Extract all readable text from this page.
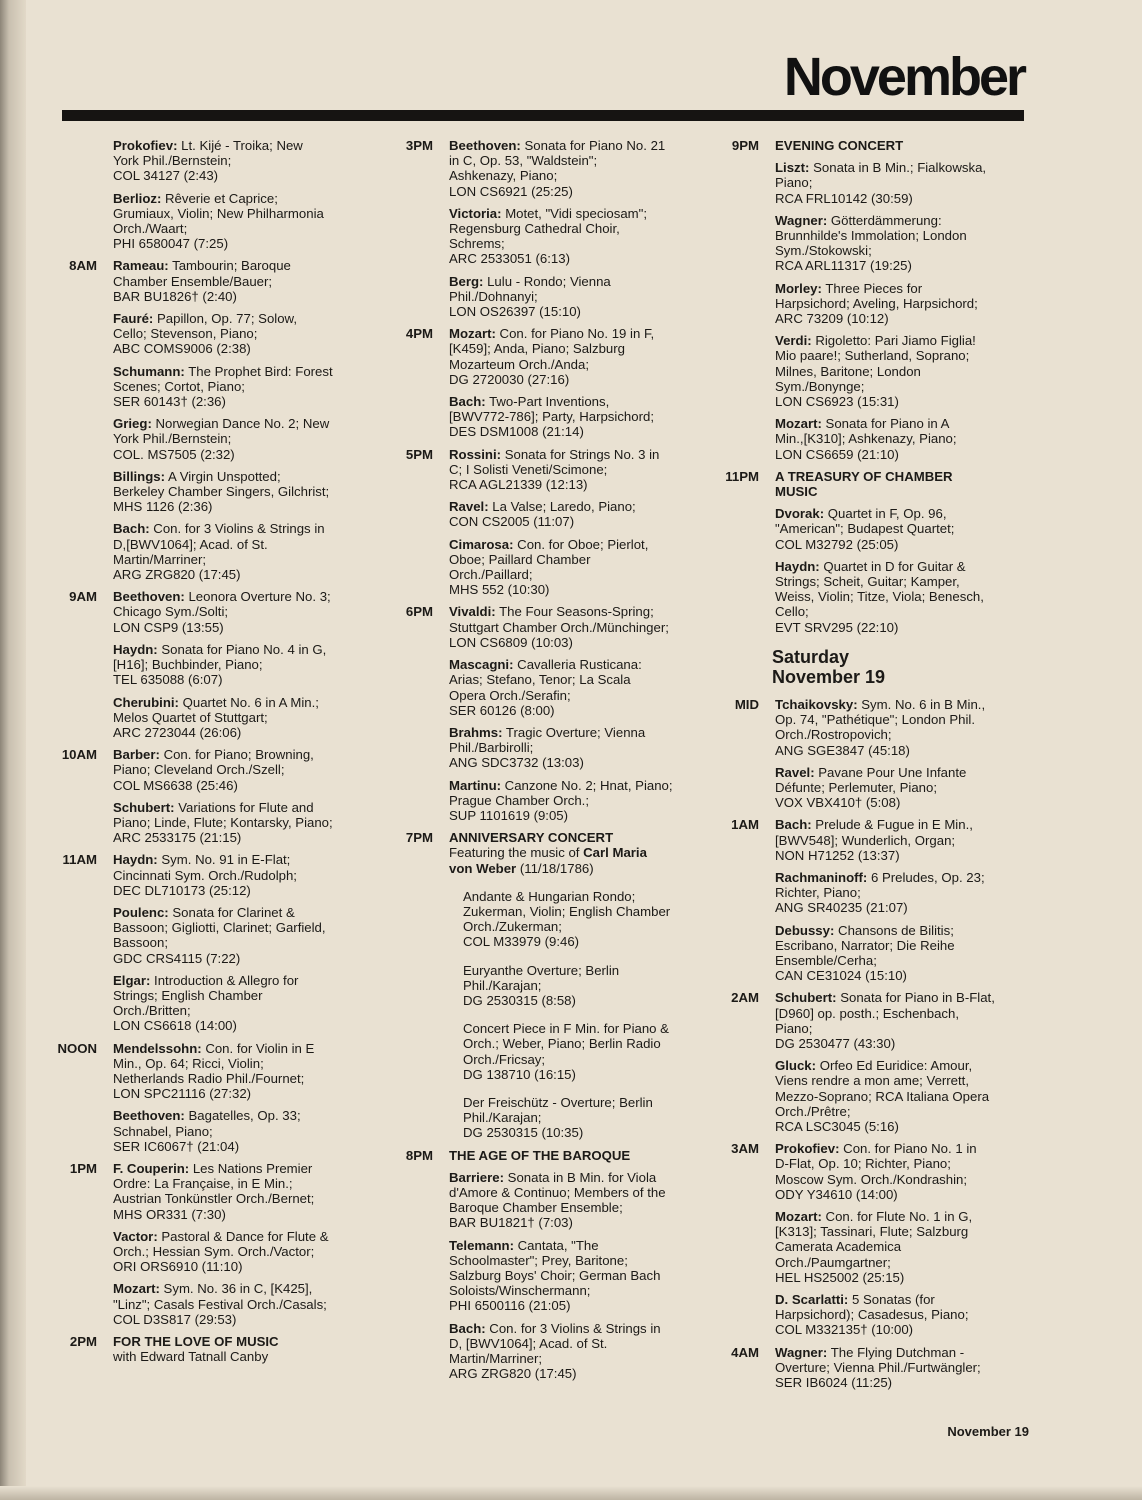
November
Prokofiev: Lt. Kijé - Troika; New
York Phil./Bernstein;
COL 34127 (2:43)
Berlioz: Rêverie et Caprice;
Grumiaux, Violin; New Philharmonia
Orch./Waart;
PHI 6580047 (7:25)
8AM	Rameau: Tambourin; Baroque
Chamber Ensemble/Bauer;
BAR BU1826† (2:40)
Fauré: Papillon, Op. 77; Solow,
Cello; Stevenson, Piano;
ABC COMS9006 (2:38)
Schumann: The Prophet Bird: Forest
Scenes; Cortot, Piano;
SER 60143† (2:36)
Grieg: Norwegian Dance No. 2; New
York Phil./Bernstein;
COL. MS7505 (2:32)
Billings: A Virgin Unspotted;
Berkeley Chamber Singers, Gilchrist;
MHS 1126 (2:36)
Bach: Con. for 3 Violins & Strings in
D,[BWV1064]; Acad. of St.
Martin/Marriner;
ARG ZRG820 (17:45)
9AM	Beethoven: Leonora Overture No. 3;
Chicago Sym./Solti;
LON CSP9 (13:55)
Haydn: Sonata for Piano No. 4 in G,
[H16]; Buchbinder, Piano;
TEL 635088 (6:07)
Cherubini: Quartet No. 6 in A Min.;
Melos Quartet of Stuttgart;
ARC 2723044 (26:06)
10AM	Barber: Con. for Piano; Browning,
Piano; Cleveland Orch./Szell;
COL MS6638 (25:46)
Schubert: Variations for Flute and
Piano; Linde, Flute; Kontarsky, Piano;
ARC 2533175 (21:15)
11AM	Haydn: Sym. No. 91 in E-Flat;
Cincinnati Sym. Orch./Rudolph;
DEC DL710173 (25:12)
Poulenc: Sonata for Clarinet &
Bassoon; Gigliotti, Clarinet; Garfield,
Bassoon;
GDC CRS4115 (7:22)
Elgar: Introduction & Allegro for
Strings; English Chamber
Orch./Britten;
LON CS6618 (14:00)
NOON	Mendelssohn: Con. for Violin in E
Min., Op. 64; Ricci, Violin;
Netherlands Radio Phil./Fournet;
LON SPC21116 (27:32)
Beethoven: Bagatelles, Op. 33;
Schnabel, Piano;
SER IC6067† (21:04)
1PM	F. Couperin: Les Nations Premier
Ordre: La Française, in E Min.;
Austrian Tonkünstler Orch./Bernet;
MHS OR331 (7:30)
Vactor: Pastoral & Dance for Flute &
Orch.; Hessian Sym. Orch./Vactor;
ORI ORS6910 (11:10)
Mozart: Sym. No. 36 in C, [K425],
"Linz"; Casals Festival Orch./Casals;
COL D3S817 (29:53)
2PM	FOR THE LOVE OF MUSIC
with Edward Tatnall Canby
3PM	Beethoven: Sonata for Piano No. 21
in C, Op. 53, "Waldstein";
Ashkenazy, Piano;
LON CS6921 (25:25)
Victoria: Motet, "Vidi speciosam";
Regensburg Cathedral Choir,
Schrems;
ARC 2533051 (6:13)
Berg: Lulu - Rondo; Vienna
Phil./Dohnanyi;
LON OS26397 (15:10)
4PM	Mozart: Con. for Piano No. 19 in F,
[K459]; Anda, Piano; Salzburg
Mozarteum Orch./Anda;
DG 2720030 (27:16)
Bach: Two-Part Inventions,
[BWV772-786]; Party, Harpsichord;
DES DSM1008 (21:14)
5PM	Rossini: Sonata for Strings No. 3 in
C; I Solisti Veneti/Scimone;
RCA AGL21339 (12:13)
Ravel: La Valse; Laredo, Piano;
CON CS2005 (11:07)
Cimarosa: Con. for Oboe; Pierlot,
Oboe; Paillard Chamber
Orch./Paillard;
MHS 552 (10:30)
6PM	Vivaldi: The Four Seasons-Spring;
Stuttgart Chamber Orch./Münchinger;
LON CS6809 (10:03)
Mascagni: Cavalleria Rusticana:
Arias; Stefano, Tenor; La Scala
Opera Orch./Serafin;
SER 60126 (8:00)
Brahms: Tragic Overture; Vienna
Phil./Barbirolli;
ANG SDC3732 (13:03)
Martinu: Canzone No. 2; Hnat, Piano;
Prague Chamber Orch.;
SUP 1101619 (9:05)
7PM	ANNIVERSARY CONCERT
Featuring the music of Carl Maria
von Weber (11/18/1786)
Andante & Hungarian Rondo;
Zukerman, Violin; English Chamber
Orch./Zukerman;
COL M33979 (9:46)
Euryanthe Overture; Berlin
Phil./Karajan;
DG 2530315 (8:58)
Concert Piece in F Min. for Piano &
Orch.; Weber, Piano; Berlin Radio
Orch./Fricsay;
DG 138710 (16:15)
Der Freischütz - Overture; Berlin
Phil./Karajan;
DG 2530315 (10:35)
8PM	THE AGE OF THE BAROQUE
Barriere: Sonata in B Min. for Viola
d'Amore & Continuo; Members of the
Baroque Chamber Ensemble;
BAR BU1821† (7:03)
Telemann: Cantata, "The
Schoolmaster"; Prey, Baritone;
Salzburg Boys' Choir; German Bach
Soloists/Winschermann;
PHI 6500116 (21:05)
Bach: Con. for 3 Violins & Strings in
D, [BWV1064]; Acad. of St.
Martin/Marriner;
ARG ZRG820 (17:45)
9PM	EVENING CONCERT
Liszt: Sonata in B Min.; Fialkowska,
Piano;
RCA FRL10142 (30:59)
Wagner: Götterdämmerung:
Brunnhilde's Immolation; London
Sym./Stokowski;
RCA ARL11317 (19:25)
Morley: Three Pieces for
Harpsichord; Aveling, Harpsichord;
ARC 73209 (10:12)
Verdi: Rigoletto: Pari Jiamo Figlia!
Mio paare!; Sutherland, Soprano;
Milnes, Baritone; London
Sym./Bonynge;
LON CS6923 (15:31)
Mozart: Sonata for Piano in A
Min.,[K310]; Ashkenazy, Piano;
LON CS6659 (21:10)
11PM	A TREASURY OF CHAMBER
MUSIC
Dvorak: Quartet in F, Op. 96,
"American"; Budapest Quartet;
COL M32792 (25:05)
Haydn: Quartet in D for Guitar &
Strings; Scheit, Guitar; Kamper,
Weiss, Violin; Titze, Viola; Benesch,
Cello;
EVT SRV295 (22:10)
Saturday
November 19
MID	Tchaikovsky: Sym. No. 6 in B Min.,
Op. 74, "Pathétique"; London Phil.
Orch./Rostropovich;
ANG SGE3847 (45:18)
Ravel: Pavane Pour Une Infante
Défunte; Perlemuter, Piano;
VOX VBX410† (5:08)
1AM	Bach: Prelude & Fugue in E Min.,
[BWV548]; Wunderlich, Organ;
NON H71252 (13:37)
Rachmaninoff: 6 Preludes, Op. 23;
Richter, Piano;
ANG SR40235 (21:07)
Debussy: Chansons de Bilitis;
Escribano, Narrator; Die Reihe
Ensemble/Cerha;
CAN CE31024 (15:10)
2AM	Schubert: Sonata for Piano in B-Flat,
[D960] op. posth.; Eschenbach,
Piano;
DG 2530477 (43:30)
Gluck: Orfeo Ed Euridice: Amour,
Viens rendre a mon ame; Verrett,
Mezzo-Soprano; RCA Italiana Opera
Orch./Prêtre;
RCA LSC3045 (5:16)
3AM	Prokofiev: Con. for Piano No. 1 in
D-Flat, Op. 10; Richter, Piano;
Moscow Sym. Orch./Kondrashin;
ODY Y34610 (14:00)
Mozart: Con. for Flute No. 1 in G,
[K313]; Tassinari, Flute; Salzburg
Camerata Academica
Orch./Paumgartner;
HEL HS25002 (25:15)
D. Scarlatti: 5 Sonatas (for
Harpsichord); Casadesus, Piano;
COL M332135† (10:00)
4AM	Wagner: The Flying Dutchman -
Overture; Vienna Phil./Furtwängler;
SER IB6024 (11:25)
November 19
